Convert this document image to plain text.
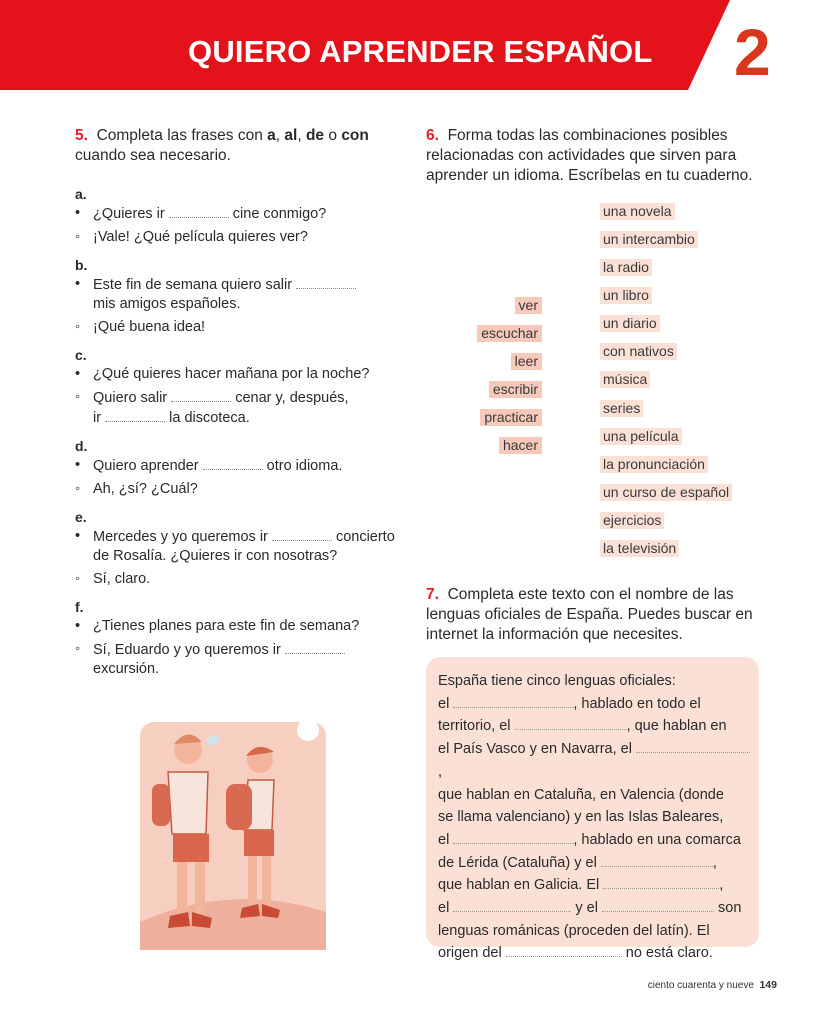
QUIERO APRENDER ESPAÑOL 2
5. Completa las frases con a, al, de o con cuando sea necesario.
a.
• ¿Quieres ir	cine conmigo?
◦ ¡Vale! ¿Qué película quieres ver?
b.
• Este fin de semana quiero salir
mis amigos españoles.
◦ ¡Qué buena idea!
c.
• ¿Qué quieres hacer mañana por la noche?
◦ Quiero salir	cenar y, después,
ir	la discoteca.
d.
• Quiero aprender	otro idioma.
◦ Ah, ¿sí? ¿Cuál?
e.
• Mercedes y yo queremos ir	concierto
de Rosalía. ¿Quieres ir con nosotras?
◦ Sí, claro.
f.
• ¿Tienes planes para este fin de semana?
◦ Sí, Eduardo y yo queremos ir
excursión.
6. Forma todas las combinaciones posibles relacionadas con actividades que sirven para aprender un idioma. Escríbelas en tu cuaderno.
ver
escuchar
leer
escribir
practicar
hacer
una novela
un intercambio
la radio
un libro
un diario
con nativos
música
series
una película
la pronunciación
un curso de español
ejercicios
la televisión
7. Completa este texto con el nombre de las lenguas oficiales de España. Puedes buscar en internet la información que necesites.
España tiene cinco lenguas oficiales:
el	, hablado en todo el
territorio, el	, que hablan en
el País Vasco y en Navarra, el ,
que hablan en Cataluña, en Valencia (donde
se llama valenciano) y en las Islas Baleares,
el	, hablado en una comarca
de Lérida (Cataluña) y el	,
que hablan en Galicia. El	,
el	y el	son
lenguas románicas (proceden del latín). El
origen del	no está claro.
ciento cuarenta y nueve 149
